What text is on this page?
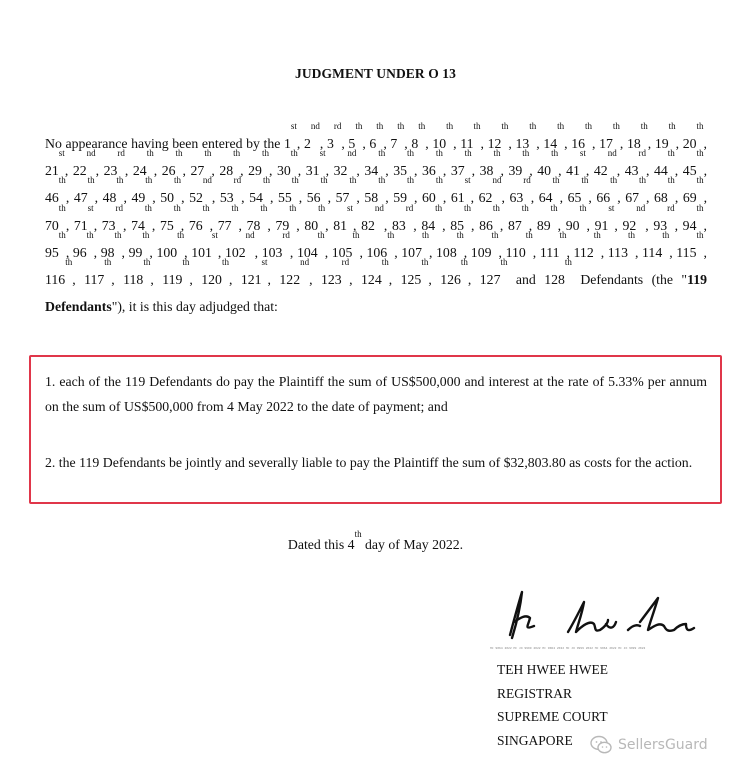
JUDGMENT UNDER O 13
No appearance having been entered by the 1st, 2nd, 3rd, 5th, 6th, 7th, 8th, 10th, 11th, 12th, 13th, 14th, 16th, 17th, 18th, 19th, 20th, 21st, 22nd, 23rd, 24th, 26th, 27th, 28th, 29th, 30th, 31st, 32nd, 34th, 35th, 36th, 37th, 38th, 39th, 40th, 41st, 42nd, 43rd, 44th, 45th, 46th, 47th, 48th, 49th, 50th, 52nd, 53rd, 54th, 55th, 56th, 57th, 58th, 59th, 60th, 61st, 62nd, 63rd, 64th, 65th, 66th, 67th, 68th, 69th, 70th, 71st, 73rd, 74th, 75th, 76th, 77th, 78th, 79th, 80th, 81st, 82nd, 83rd, 84th, 85th, 86th, 87th, 89th, 90th, 91st, 92nd, 93rd, 94th, 95th, 96th, 98th, 99th, 100th, 101st, 102nd, 103rd, 104th, 105th, 106th, 107th, 108th, 109th, 110th, 111th, 112th, 113th, 114th, 115th, 116th, 117th, 118th, 119th, 120th, 121st, 122nd, 123rd, 124th, 125th, 126th, 127th and 128th Defendants (the "119 Defendants"), it is this day adjudged that:
1. each of the 119 Defendants do pay the Plaintiff the sum of US$500,000 and interest at the rate of 5.33% per annum on the sum of US$500,000 from 4 May 2022 to the date of payment; and
2. the 119 Defendants be jointly and severally liable to pay the Plaintiff the sum of $32,803.80 as costs for the action.
Dated this 4th day of May 2022.
HC 9064 2022 HC JO 9999 2022 HC 9064 2022 HC JO 9999 2022 HC 9064 2022 HC JO 9999 2022
TEH HWEE HWEE
REGISTRAR
SUPREME COURT
SINGAPORE	SellersGuard
